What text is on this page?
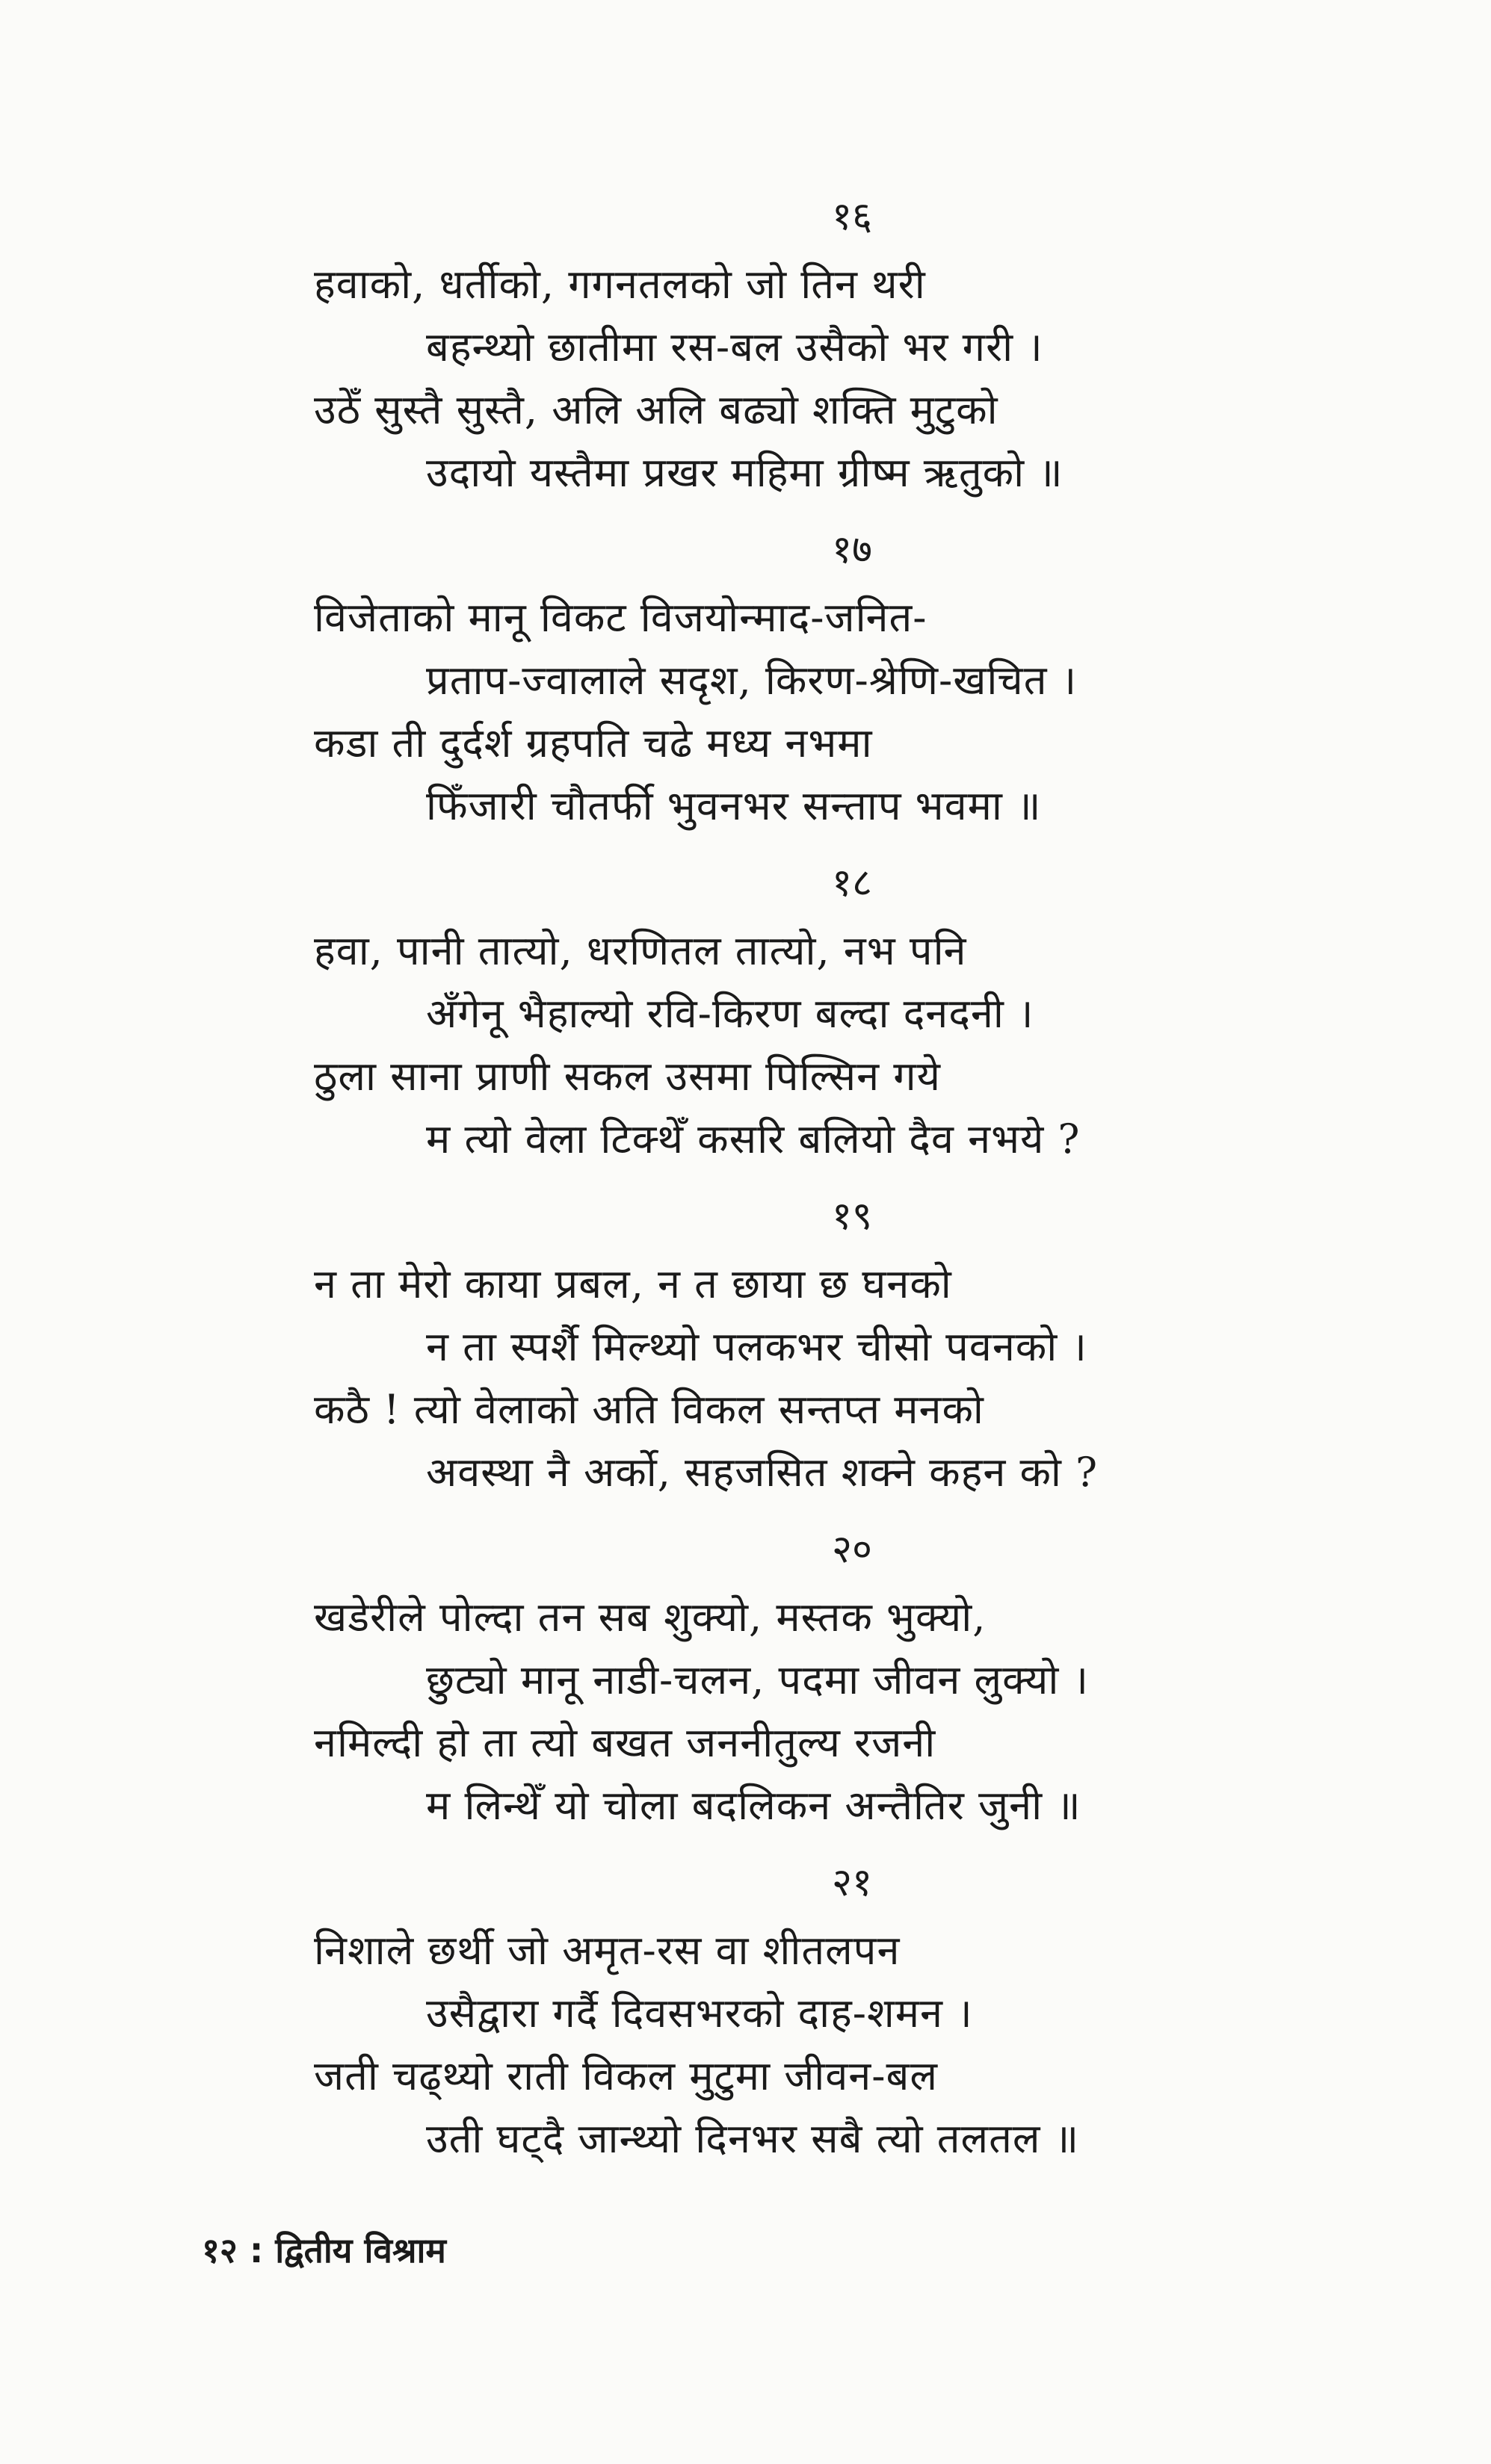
१६
हवाको, धर्तीको, गगनतलको जो तिन थरी
बहन्थ्यो छातीमा रस-बल उसैको भर गरी ।
उठेँ सुस्तै सुस्तै, अलि अलि बढ्यो शक्ति मुटुको
उदायो यस्तैमा प्रखर महिमा ग्रीष्म ऋतुको ॥
१७
विजेताको मानू विकट विजयोन्माद-जनित-
प्रताप-ज्वालाले सदृश, किरण-श्रेणि-खचित ।
कडा ती दुर्दर्श ग्रहपति चढे मध्य नभमा
फिँजारी चौतर्फी भुवनभर सन्ताप भवमा ॥
१८
हवा, पानी तात्यो, धरणितल तात्यो, नभ पनि
अँगेनू भैहाल्यो रवि-किरण बल्दा दनदनी ।
ठुला साना प्राणी सकल उसमा पिल्सिन गये
म त्यो वेला टिक्थेँ कसरि बलियो दैव नभये ?
१९
न ता मेरो काया प्रबल, न त छाया छ घनको
न ता स्पर्शै मिल्थ्यो पलकभर चीसो पवनको ।
कठै ! त्यो वेलाको अति विकल सन्तप्त मनको
अवस्था नै अर्को, सहजसित शक्ने कहन को ?
२०
खडेरीले पोल्दा तन सब शुक्यो, मस्तक भुक्यो,
छुट्यो मानू नाडी-चलन, पदमा जीवन लुक्यो ।
नमिल्दी हो ता त्यो बखत जननीतुल्य रजनी
म लिन्थेँ यो चोला बदलिकन अन्तैतिर जुनी ॥
२१
निशाले छर्थी जो अमृत-रस वा शीतलपन
उसैद्वारा गर्दै दिवसभरको दाह-शमन ।
जती चढ्थ्यो राती विकल मुटुमा जीवन-बल
उती घट्दै जान्थ्यो दिनभर सबै त्यो तलतल ॥
१२ : द्वितीय विश्राम
